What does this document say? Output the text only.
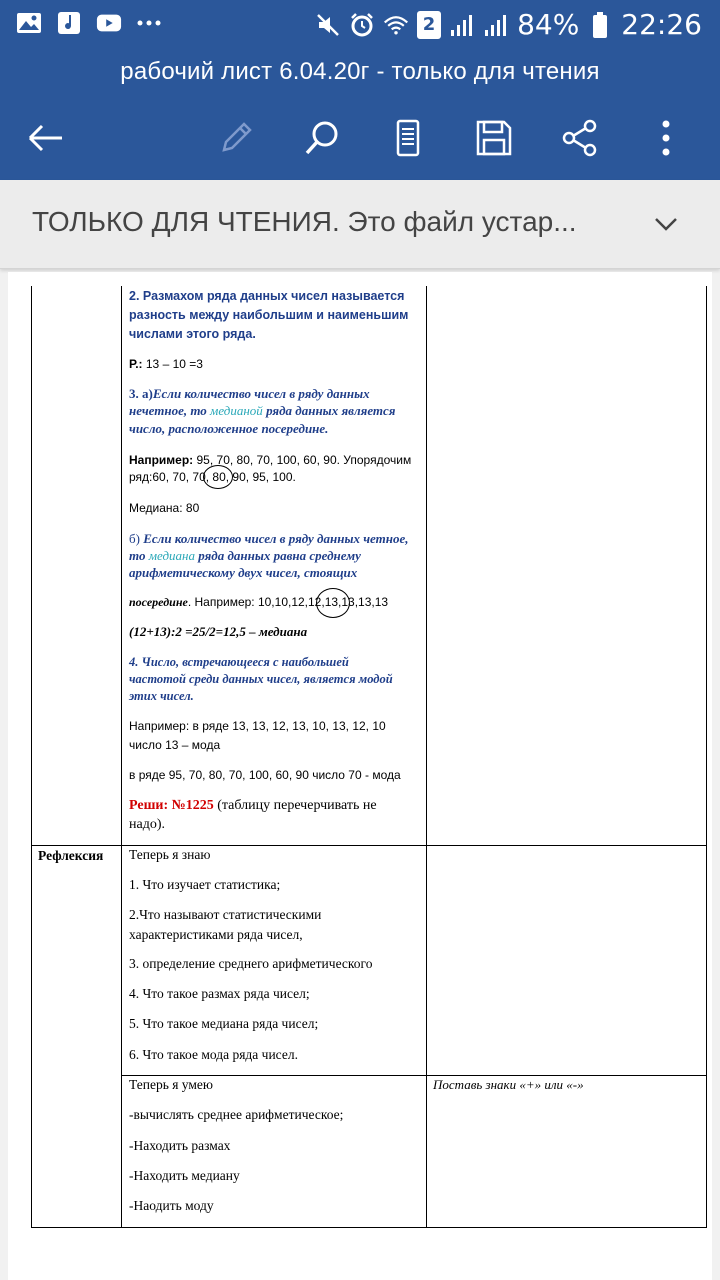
2	84% 22:26
рабочий лист 6.04.20г - только для чтения
ТОЛЬКО ДЛЯ ЧТЕНИЯ. Это файл устар...
2. Размахом ряда данных чисел называется
разность между наибольшим и наименьшим
числами этого ряда.
Р.: 13 – 10 =3
3. а)Если количество чисел в ряду данных
нечетное, то медианой ряда данных является
число, расположенное посередине.
Например: 95, 70, 80, 70, 100, 60, 90. Упорядочим
ряд:60, 70, 70, 80, 90, 95, 100.
Медиана: 80
б) Если количество чисел в ряду данных четное,
то медиана ряда данных равна среднему
арифметическому двух чисел, стоящих
посередине. Например: 10,10,12,12,13,13,13,13
(12+13):2 =25/2=12,5 – медиана
4. Число, встречающееся с наибольшей
частотой среди данных чисел, является модой
этих чисел.
Например: в ряде 13, 13, 12, 13, 10, 13, 12, 10
число 13 – мода
в ряде 95, 70, 80, 70, 100, 60, 90 число 70 - мода
Реши: №1225 (таблицу перечерчивать не
надо).
Рефлексия Теперь я знаю
1. Что изучает статистика;
2.Что называют статистическими
характеристиками ряда чисел,
3. определение среднего арифметического
4. Что такое размах ряда чисел;
5. Что такое медиана ряда чисел;
6. Что такое мода ряда чисел.
Теперь я умею
-вычислять среднее арифметическое;
-Находить размах
-Находить медиану
-Наодить моду
Поставь знаки «+» или «-»
